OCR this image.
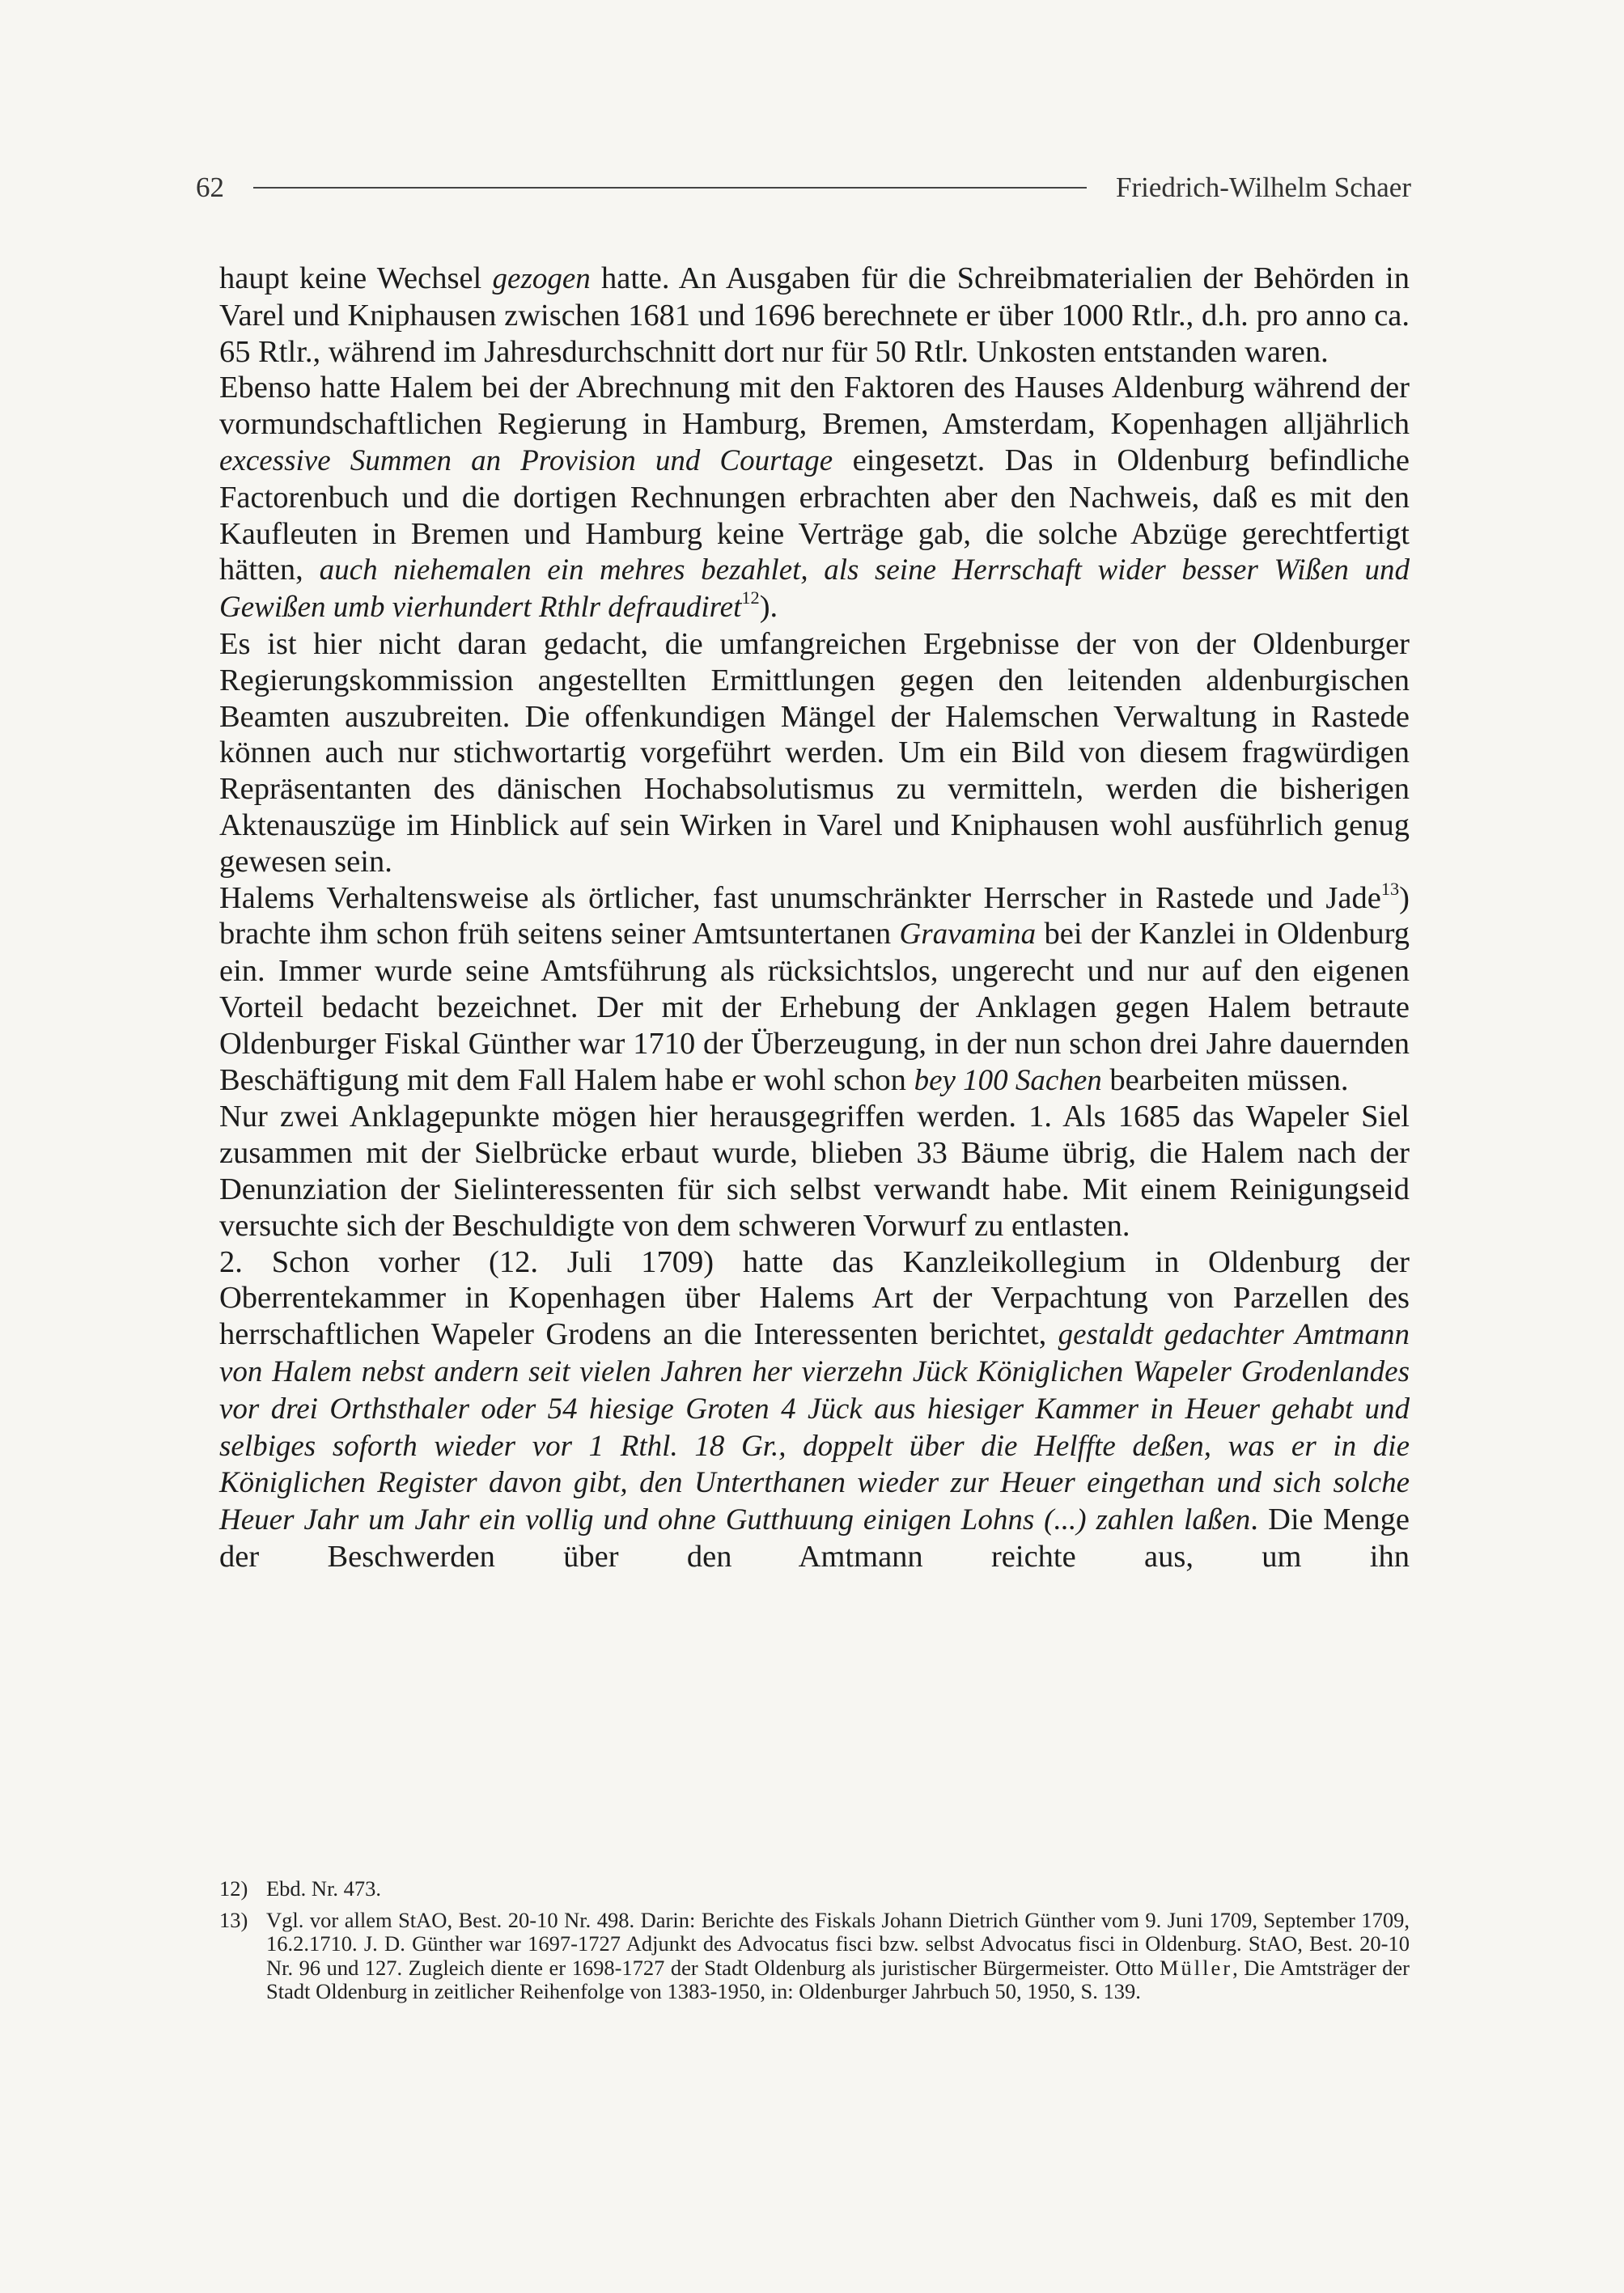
62	Friedrich-Wilhelm Schaer

haupt keine Wechsel gezogen hatte. An Ausgaben für die Schreibmaterialien der Behörden in Varel und Kniphausen zwischen 1681 und 1696 berechnete er über 1000 Rtlr., d.h. pro anno ca. 65 Rtlr., während im Jahresdurchschnitt dort nur für 50 Rtlr. Unkosten entstanden waren.

Ebenso hatte Halem bei der Abrechnung mit den Faktoren des Hauses Aldenburg während der vormundschaftlichen Regierung in Hamburg, Bremen, Amsterdam, Kopenhagen alljährlich excessive Summen an Provision und Courtage eingesetzt. Das in Oldenburg befindliche Factorenbuch und die dortigen Rechnungen erbrachten aber den Nachweis, daß es mit den Kaufleuten in Bremen und Hamburg keine Verträge gab, die solche Abzüge gerechtfertigt hätten, auch niehemalen ein mehres bezahlet, als seine Herrschaft wider besser Wißen und Gewißen umb vierhundert Rthlr defraudiret$^{12}$).

Es ist hier nicht daran gedacht, die umfangreichen Ergebnisse der von der Oldenburger Regierungskommission angestellten Ermittlungen gegen den leitenden aldenburgischen Beamten auszubreiten. Die offenkundigen Mängel der Halemschen Verwaltung in Rastede können auch nur stichwortartig vorgeführt werden. Um ein Bild von diesem fragwürdigen Repräsentanten des dänischen Hochabsolutismus zu vermitteln, werden die bisherigen Aktenauszüge im Hinblick auf sein Wirken in Varel und Kniphausen wohl ausführlich genug gewesen sein.

Halems Verhaltensweise als örtlicher, fast unumschränkter Herrscher in Rastede und Jade$^{13}$) brachte ihm schon früh seitens seiner Amtsuntertanen Gravamina bei der Kanzlei in Oldenburg ein. Immer wurde seine Amtsführung als rücksichtslos, ungerecht und nur auf den eigenen Vorteil bedacht bezeichnet. Der mit der Erhebung der Anklagen gegen Halem betraute Oldenburger Fiskal Günther war 1710 der Überzeugung, in der nun schon drei Jahre dauernden Beschäftigung mit dem Fall Halem habe er wohl schon bey 100 Sachen bearbeiten müssen.

Nur zwei Anklagepunkte mögen hier herausgegriffen werden. 1. Als 1685 das Wapeler Siel zusammen mit der Sielbrücke erbaut wurde, blieben 33 Bäume übrig, die Halem nach der Denunziation der Sielinteressenten für sich selbst verwandt habe. Mit einem Reinigungseid versuchte sich der Beschuldigte von dem schweren Vorwurf zu entlasten.

2. Schon vorher (12. Juli 1709) hatte das Kanzleikollegium in Oldenburg der Oberrentekammer in Kopenhagen über Halems Art der Verpachtung von Parzellen des herrschaftlichen Wapeler Grodens an die Interessenten berichtet, gestaldt gedachter Amtmann von Halem nebst andern seit vielen Jahren her vierzehn Jück Königlichen Wapeler Grodenlandes vor drei Orthsthaler oder 54 hiesige Groten 4 Jück aus hiesiger Kammer in Heuer gehabt und selbiges soforth wieder vor 1 Rthl. 18 Gr., doppelt über die Helffte deßen, was er in die Königlichen Register davon gibt, den Unterthanen wieder zur Heuer eingethan und sich solche Heuer Jahr um Jahr ein vollig und ohne Gutthuung einigen Lohns (...) zahlen laßen. Die Menge der Beschwerden über den Amtmann reichte aus, um ihn

12) Ebd. Nr. 473.
13) Vgl. vor allem StAO, Best. 20-10 Nr. 498. Darin: Berichte des Fiskals Johann Dietrich Günther vom 9. Juni 1709, September 1709, 16.2.1710. J. D. Günther war 1697-1727 Adjunkt des Advocatus fisci bzw. selbst Advocatus fisci in Oldenburg. StAO, Best. 20-10 Nr. 96 und 127. Zugleich diente er 1698-1727 der Stadt Oldenburg als juristischer Bürgermeister. Otto Müller, Die Amtsträger der Stadt Oldenburg in zeitlicher Reihenfolge von 1383-1950, in: Oldenburger Jahrbuch 50, 1950, S. 139.
